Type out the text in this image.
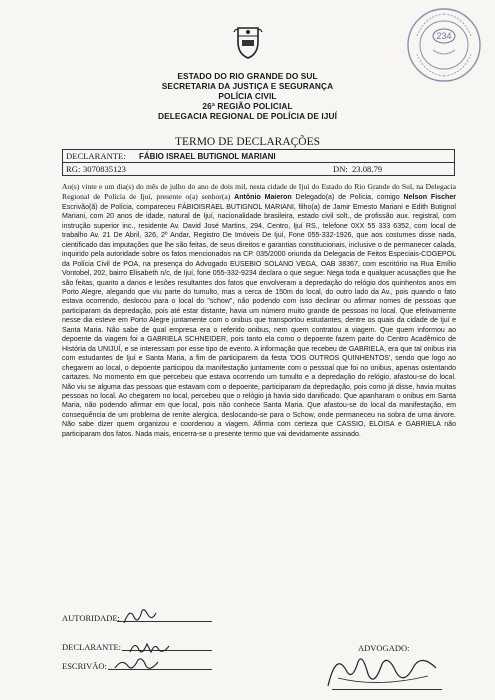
234
ESTADO DO RIO GRANDE DO SUL
SECRETARIA DA JUSTIÇA E SEGURANÇA
POLÍCIA CIVIL
26ª REGIÃO POLICIAL
DELEGACIA REGIONAL DE POLÍCIA DE IJUÍ
TERMO DE DECLARAÇÕES
DECLARANTE: FÁBIO ISRAEL BUTIGNOL MARIANI
RG: 3070835123	DN: 23.08.79

Ao(s) vinte e um dia(s) do mês de julho do ano de dois mil, nesta cidade de Ijuí do Estado do Rio Grande do Sul, na Delegacia Regional de Polícia de Ijuí, presente o(a) senhor(a) Antônio Maieron Delegado(a) de Polícia, comigo Nelson Fischer Escrivão(ã) de Polícia, compareceu FÁBIOISRAEL BUTIGNOL MARIANI, filho(a) de Jamir Ernesto Mariani e Edith Butignol Mariani, com 20 anos de idade, natural de Ijuí, nacionalidade brasileira, estado civil solt., de profissão aux. registral, com instrução superior inc., residente Av. David José Martins, 294, Centro, Ijuí RS., telefone 0XX 55 333 6352, com local de trabalho Av. 21 De Abril, 326, 2º Andar, Registro De Imóveis De Ijuí, Fone 055-332-1926, que aos costumes disse nada, cientificado das imputações que lhe são feitas, de seus direitos e garantias constitucionais, inclusive o de permanecer calada, inquirido pela autoridade sobre os fatos mencionados na CP. 035/2000 oriunda da Delegacia de Feitos Especiais-COGEPOL da Polícia Civil de POA, na presença do Advogado EUSEBIO SOLANO VEGA, OAB 38367, com escritório na Rua Emílio Vontobel, 202, bairro Elisabeth n/c, de Ijuí, fone 055-332-9234 declara o que segue: Nega toda e qualquer acusações que lhe são feitas, quanto a danos e lesões resultantes dos fatos que envolveram a depredação do relógio dos quinhentos anos em Porto Alegre, alegando que viu parte do tumulto, mas a cerca de 150m do local, do outro lado da Av., pois quando o fato estava ocorrendo, deslocou para o local do "schow", não podendo com isso declinar ou afirmar nomes de pessoas que participaram da depredação, pois até estar distante, havia um número muito grande de pessoas no local. Que efetivamente nesse dia esteve em Porto Alegre juntamente com o onibus que transportou estudantes, dentre os quais da cidade de Ijuí e Santa Maria. Não sabe de qual empresa era o referido onibus, nem quem contratou a viagem. Que quem informou ao depoente da viagem foi a GABRIELA SCHNEIDER, pois tanto ela como o depoente fazem parte do Centro Acadêmico de História da UNIJUÍ, e se interessam por esse tipo de evento. A informação que recebeu de GABRIELA, era que tal onibus iria com estudantes de Ijuí e Santa Maria, a fim de participarem da festa 'DOS OUTROS QUINHENTOS', sendo que logo ao chegarem ao local, o depoente participou da manifestação juntamente com o pessoal que foi no onibus, apenas ostentando cartazes. No momento em que percebeu que estava ocorrendo um tumulto e a depredação do relógio, afastou-se do local. Não viu se alguma das pessoas que estavam com o depoente, participaram da depredação, pois como já disse, havia muitas pessoas no local. Ao chegarem no local, percebeu que o relógio já havia sido danificado. Que apanharam o onibus em Santa Maria, não podendo afirmar em que local, pois não conhece Santa Maria. Que afastou-se do local da manifestação, em consequência de um problema de renite alergica, deslocando-se para o Schow, onde permaneceu na sobra de uma árvore. Não sabe dizer quem organizou e coordenou a viagem. Afirma com certeza que CASSIO, ELOISA e GABRIELA não participaram dos fatos. Nada mais, encerra-se o presente termo que vai devidamente assinado.

AUTORIDADE:
DECLARANTE:
ESCRIVÃO:
ADVOGADO:
